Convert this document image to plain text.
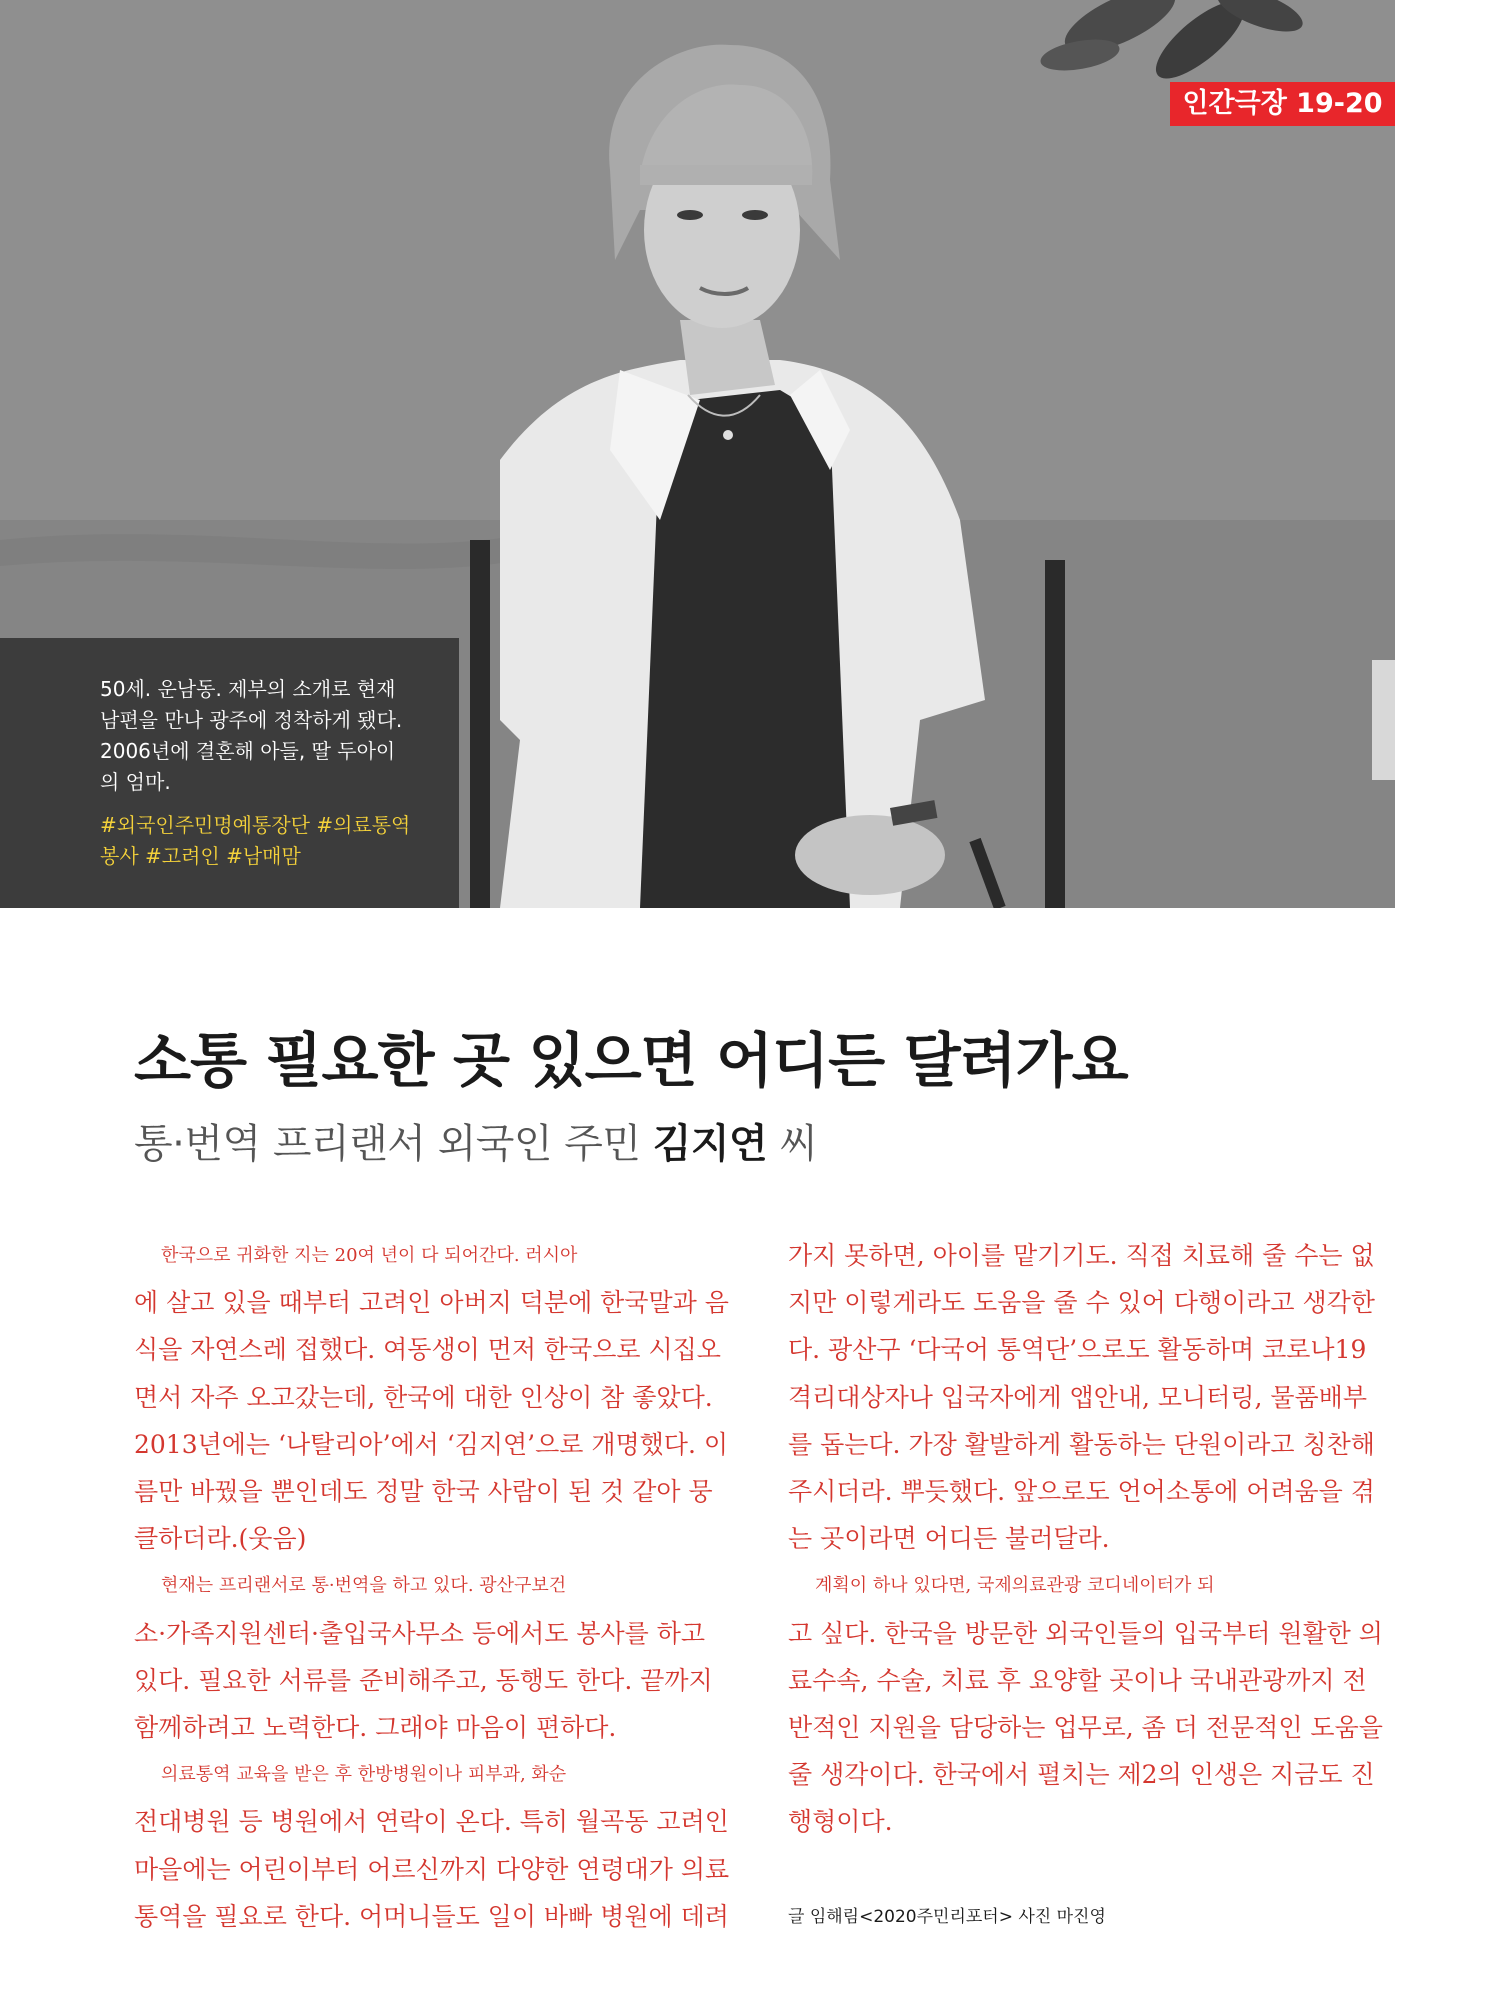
인간극장 19-20
50세. 운남동. 제부의 소개로 현재
남편을 만나 광주에 정착하게 됐다.
2006년에 결혼해 아들, 딸 두아이
의 엄마.
#외국인주민명예통장단 #의료통역
봉사 #고려인 #남매맘
소통 필요한 곳 있으면 어디든 달려가요
통·번역 프리랜서 외국인 주민 김지연 씨

한국으로 귀화한 지는 20여 년이 다 되어간다. 러시아

에 살고 있을 때부터 고려인 아버지 덕분에 한국말과 음

식을 자연스레 접했다. 여동생이 먼저 한국으로 시집오

면서 자주 오고갔는데, 한국에 대한 인상이 참 좋았다.

2013년에는 ‘나탈리아’에서 ‘김지연’으로 개명했다. 이

름만 바꿨을 뿐인데도 정말 한국 사람이 된 것 같아 뭉

클하더라.(웃음)

현재는 프리랜서로 통·번역을 하고 있다. 광산구보건

소·가족지원센터·출입국사무소 등에서도 봉사를 하고

있다. 필요한 서류를 준비해주고, 동행도 한다. 끝까지

함께하려고 노력한다. 그래야 마음이 편하다.

의료통역 교육을 받은 후 한방병원이나 피부과, 화순

전대병원 등 병원에서 연락이 온다. 특히 월곡동 고려인

마을에는 어린이부터 어르신까지 다양한 연령대가 의료

통역을 필요로 한다. 어머니들도 일이 바빠 병원에 데려

가지 못하면, 아이를 맡기기도. 직접 치료해 줄 수는 없

지만 이렇게라도 도움을 줄 수 있어 다행이라고 생각한

다. 광산구 ‘다국어 통역단’으로도 활동하며 코로나19

격리대상자나 입국자에게 앱안내, 모니터링, 물품배부

를 돕는다. 가장 활발하게 활동하는 단원이라고 칭찬해

주시더라. 뿌듯했다. 앞으로도 언어소통에 어려움을 겪

는 곳이라면 어디든 불러달라.

계획이 하나 있다면, 국제의료관광 코디네이터가 되

고 싶다. 한국을 방문한 외국인들의 입국부터 원활한 의

료수속, 수술, 치료 후 요양할 곳이나 국내관광까지 전

반적인 지원을 담당하는 업무로, 좀 더 전문적인 도움을

줄 생각이다. 한국에서 펼치는 제2의 인생은 지금도 진

행형이다.

글 임해림<2020주민리포터> 사진 마진영
